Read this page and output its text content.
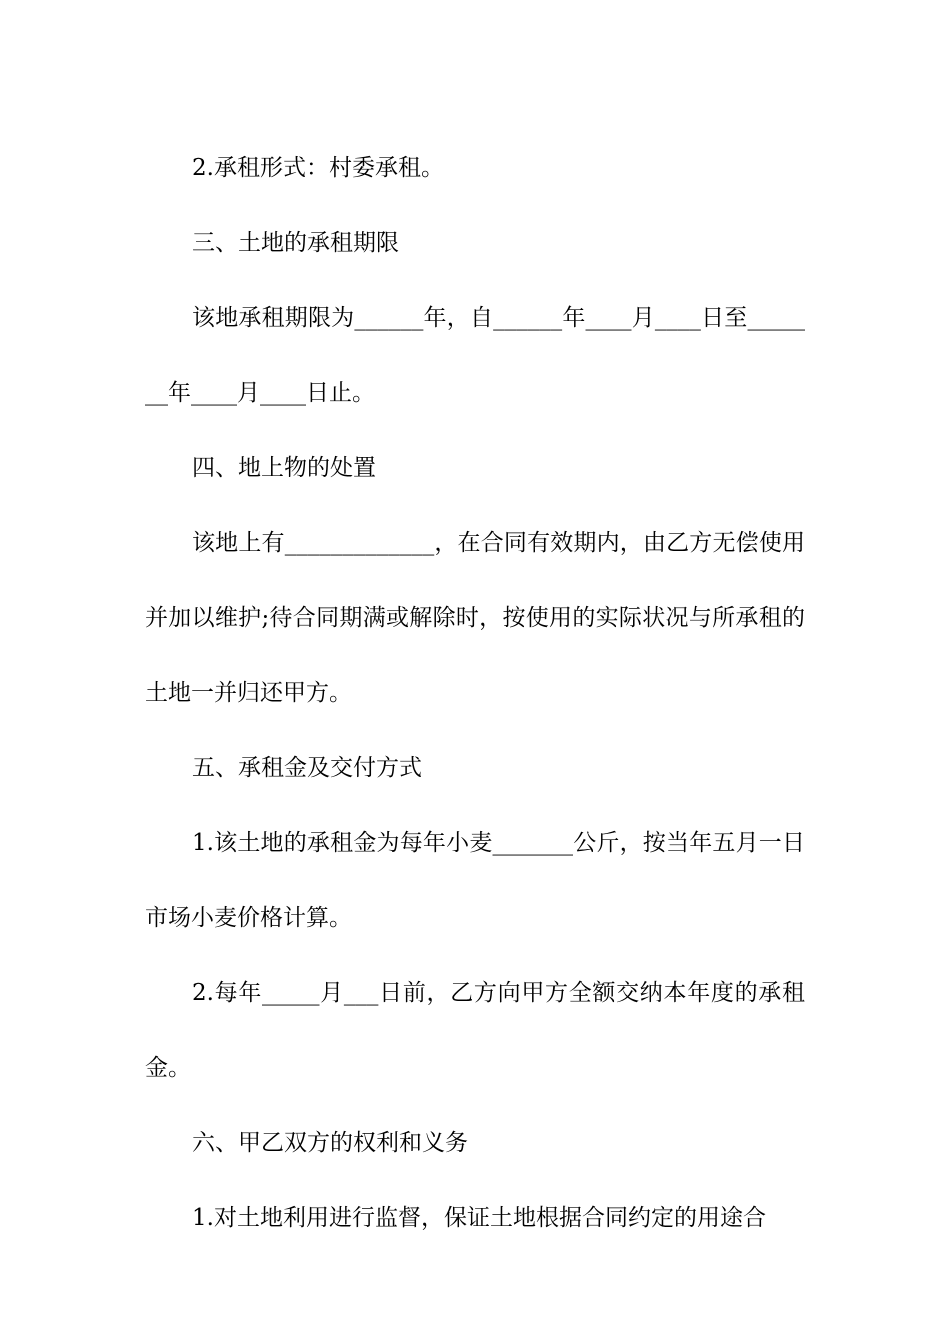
2.承租形式：村委承租。

三、土地的承租期限

该地承租期限为______年，自______年____月____日至_______年____月____日止。

四、地上物的处置

该地上有_____________，在合同有效期内，由乙方无偿使用并加以维护;待合同期满或解除时，按使用的实际状况与所承租的土地一并归还甲方。

五、承租金及交付方式

1.该土地的承租金为每年小麦_______公斤，按当年五月一日市场小麦价格计算。

2.每年_____月___日前，乙方向甲方全额交纳本年度的承租金。

六、甲乙双方的权利和义务

1.对土地利用进行监督，保证土地根据合同约定的用途合
